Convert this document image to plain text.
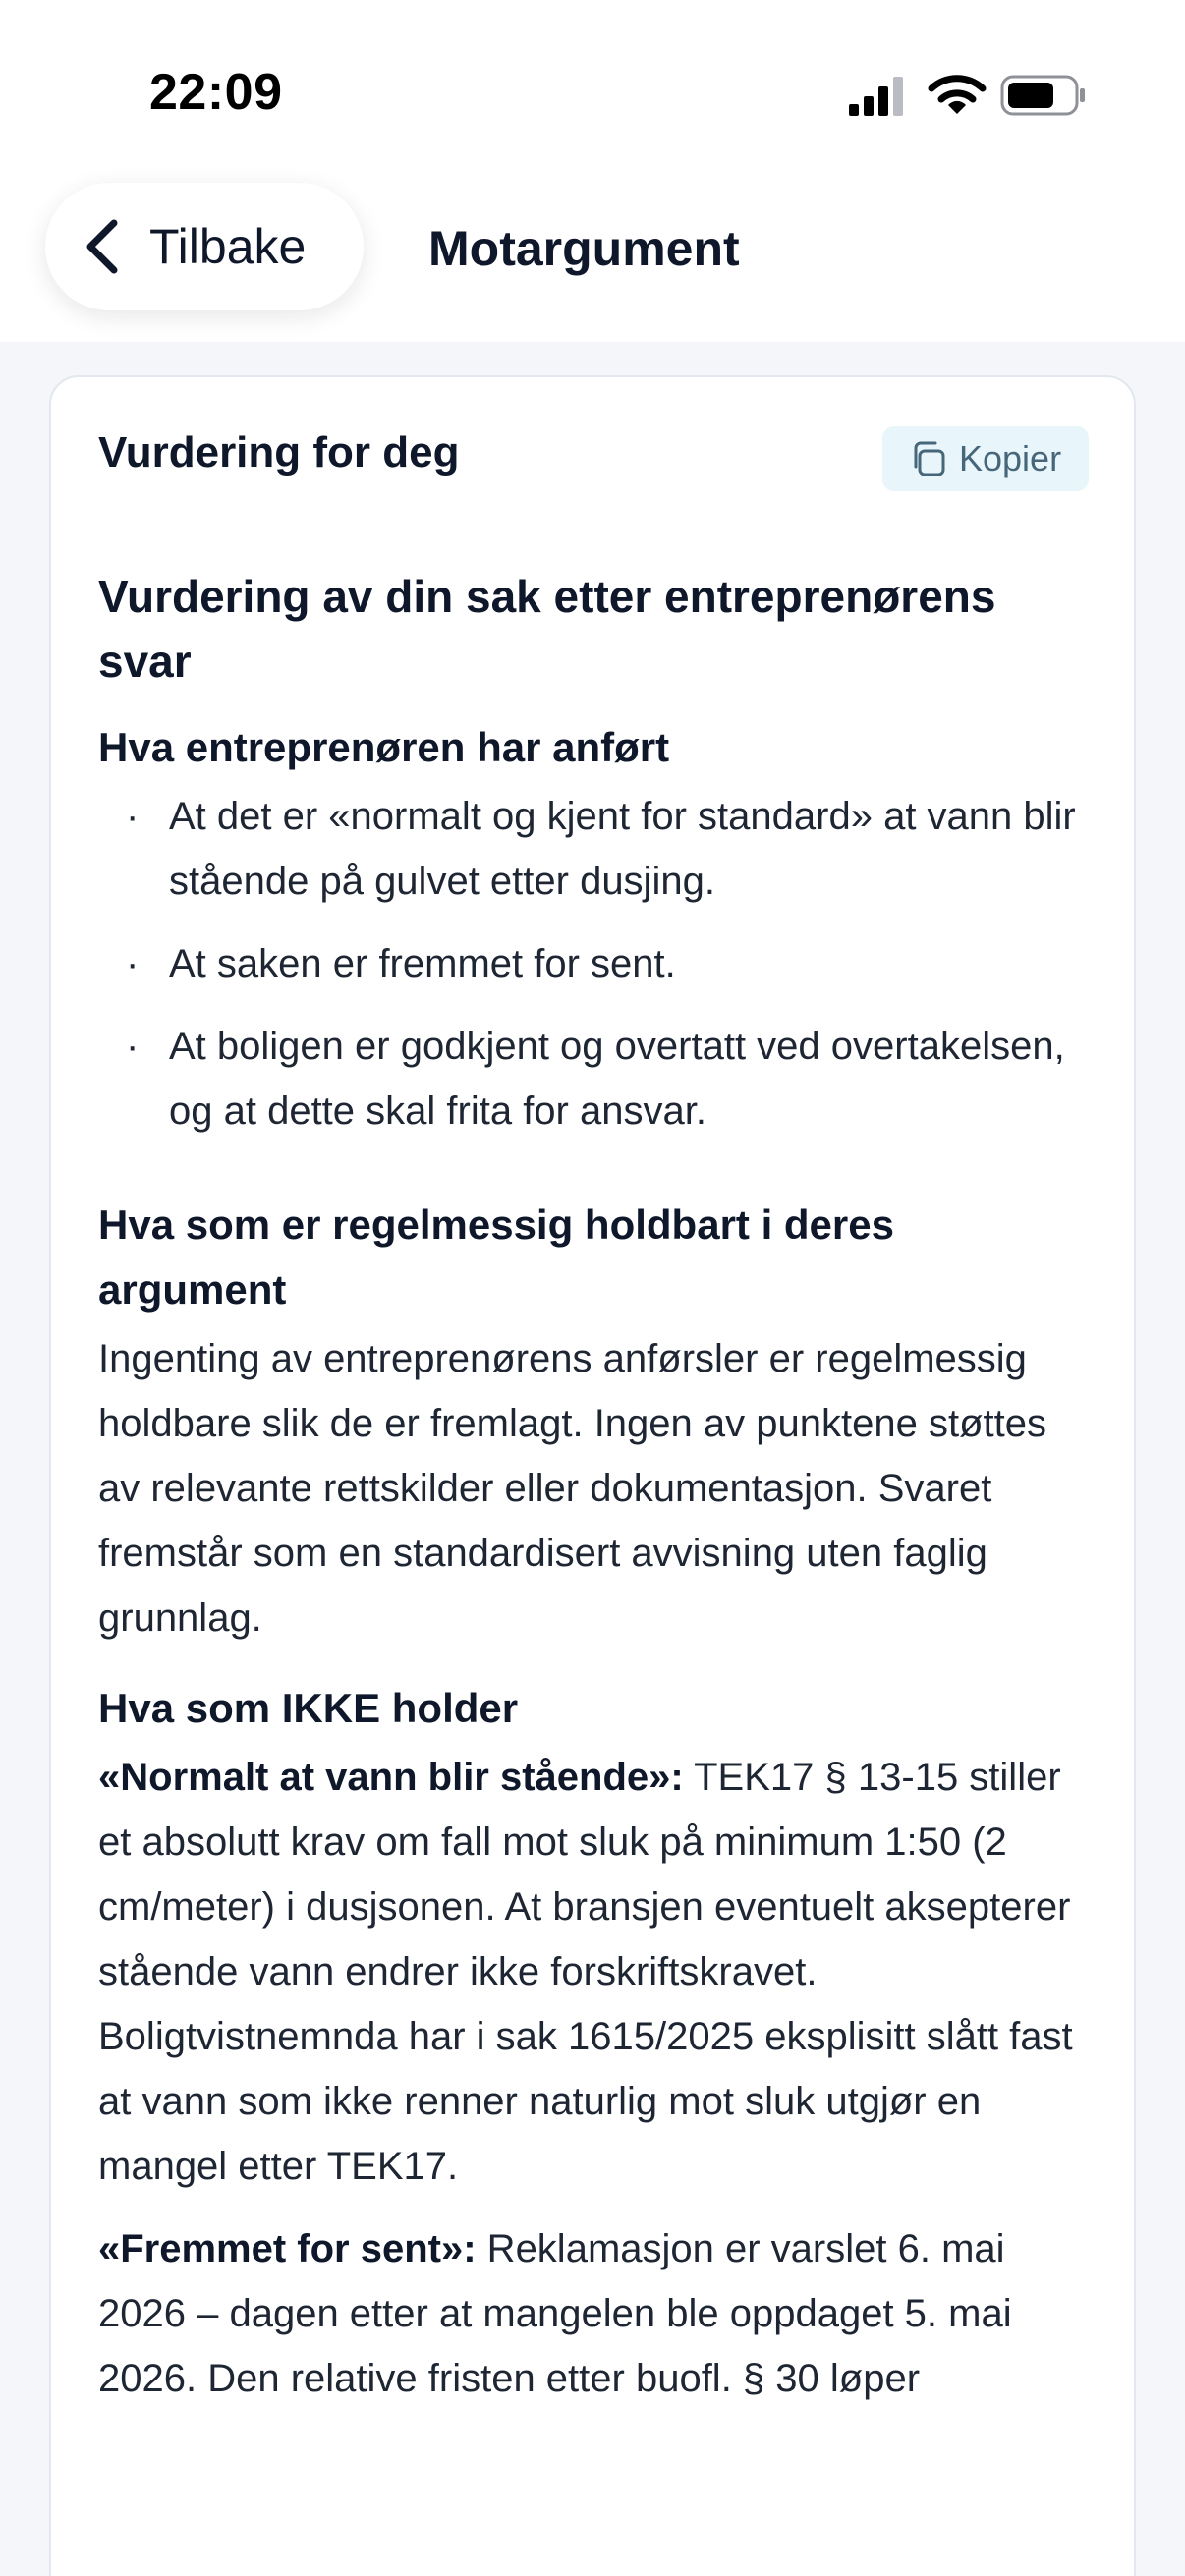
22:09
Tilbake Motargument
Vurdering for deg	Kopier
Vurdering av din sak etter entreprenørens svar
Hva entreprenøren har anført
· At det er «normalt og kjent for standard» at vann blir stående på gulvet etter dusjing.
· At saken er fremmet for sent.
· At boligen er godkjent og overtatt ved overtakelsen, og at dette skal frita for ansvar.
Hva som er regelmessig holdbart i deres argument
Ingenting av entreprenørens anførsler er regelmessig holdbare slik de er fremlagt. Ingen av punktene støttes av relevante rettskilder eller dokumentasjon. Svaret fremstår som en standardisert avvisning uten faglig grunnlag.
Hva som IKKE holder
«Normalt at vann blir stående»: TEK17 § 13-15 stiller et absolutt krav om fall mot sluk på minimum 1:50 (2 cm/meter) i dusjsonen. At bransjen eventuelt aksepterer stående vann endrer ikke forskriftskravet. Boligtvistnemnda har i sak 1615/2025 eksplisitt slått fast at vann som ikke renner naturlig mot sluk utgjør en mangel etter TEK17.
«Fremmet for sent»: Reklamasjon er varslet 6. mai 2026 – dagen etter at mangelen ble oppdaget 5. mai 2026. Den relative fristen etter buofl. § 30 løper
